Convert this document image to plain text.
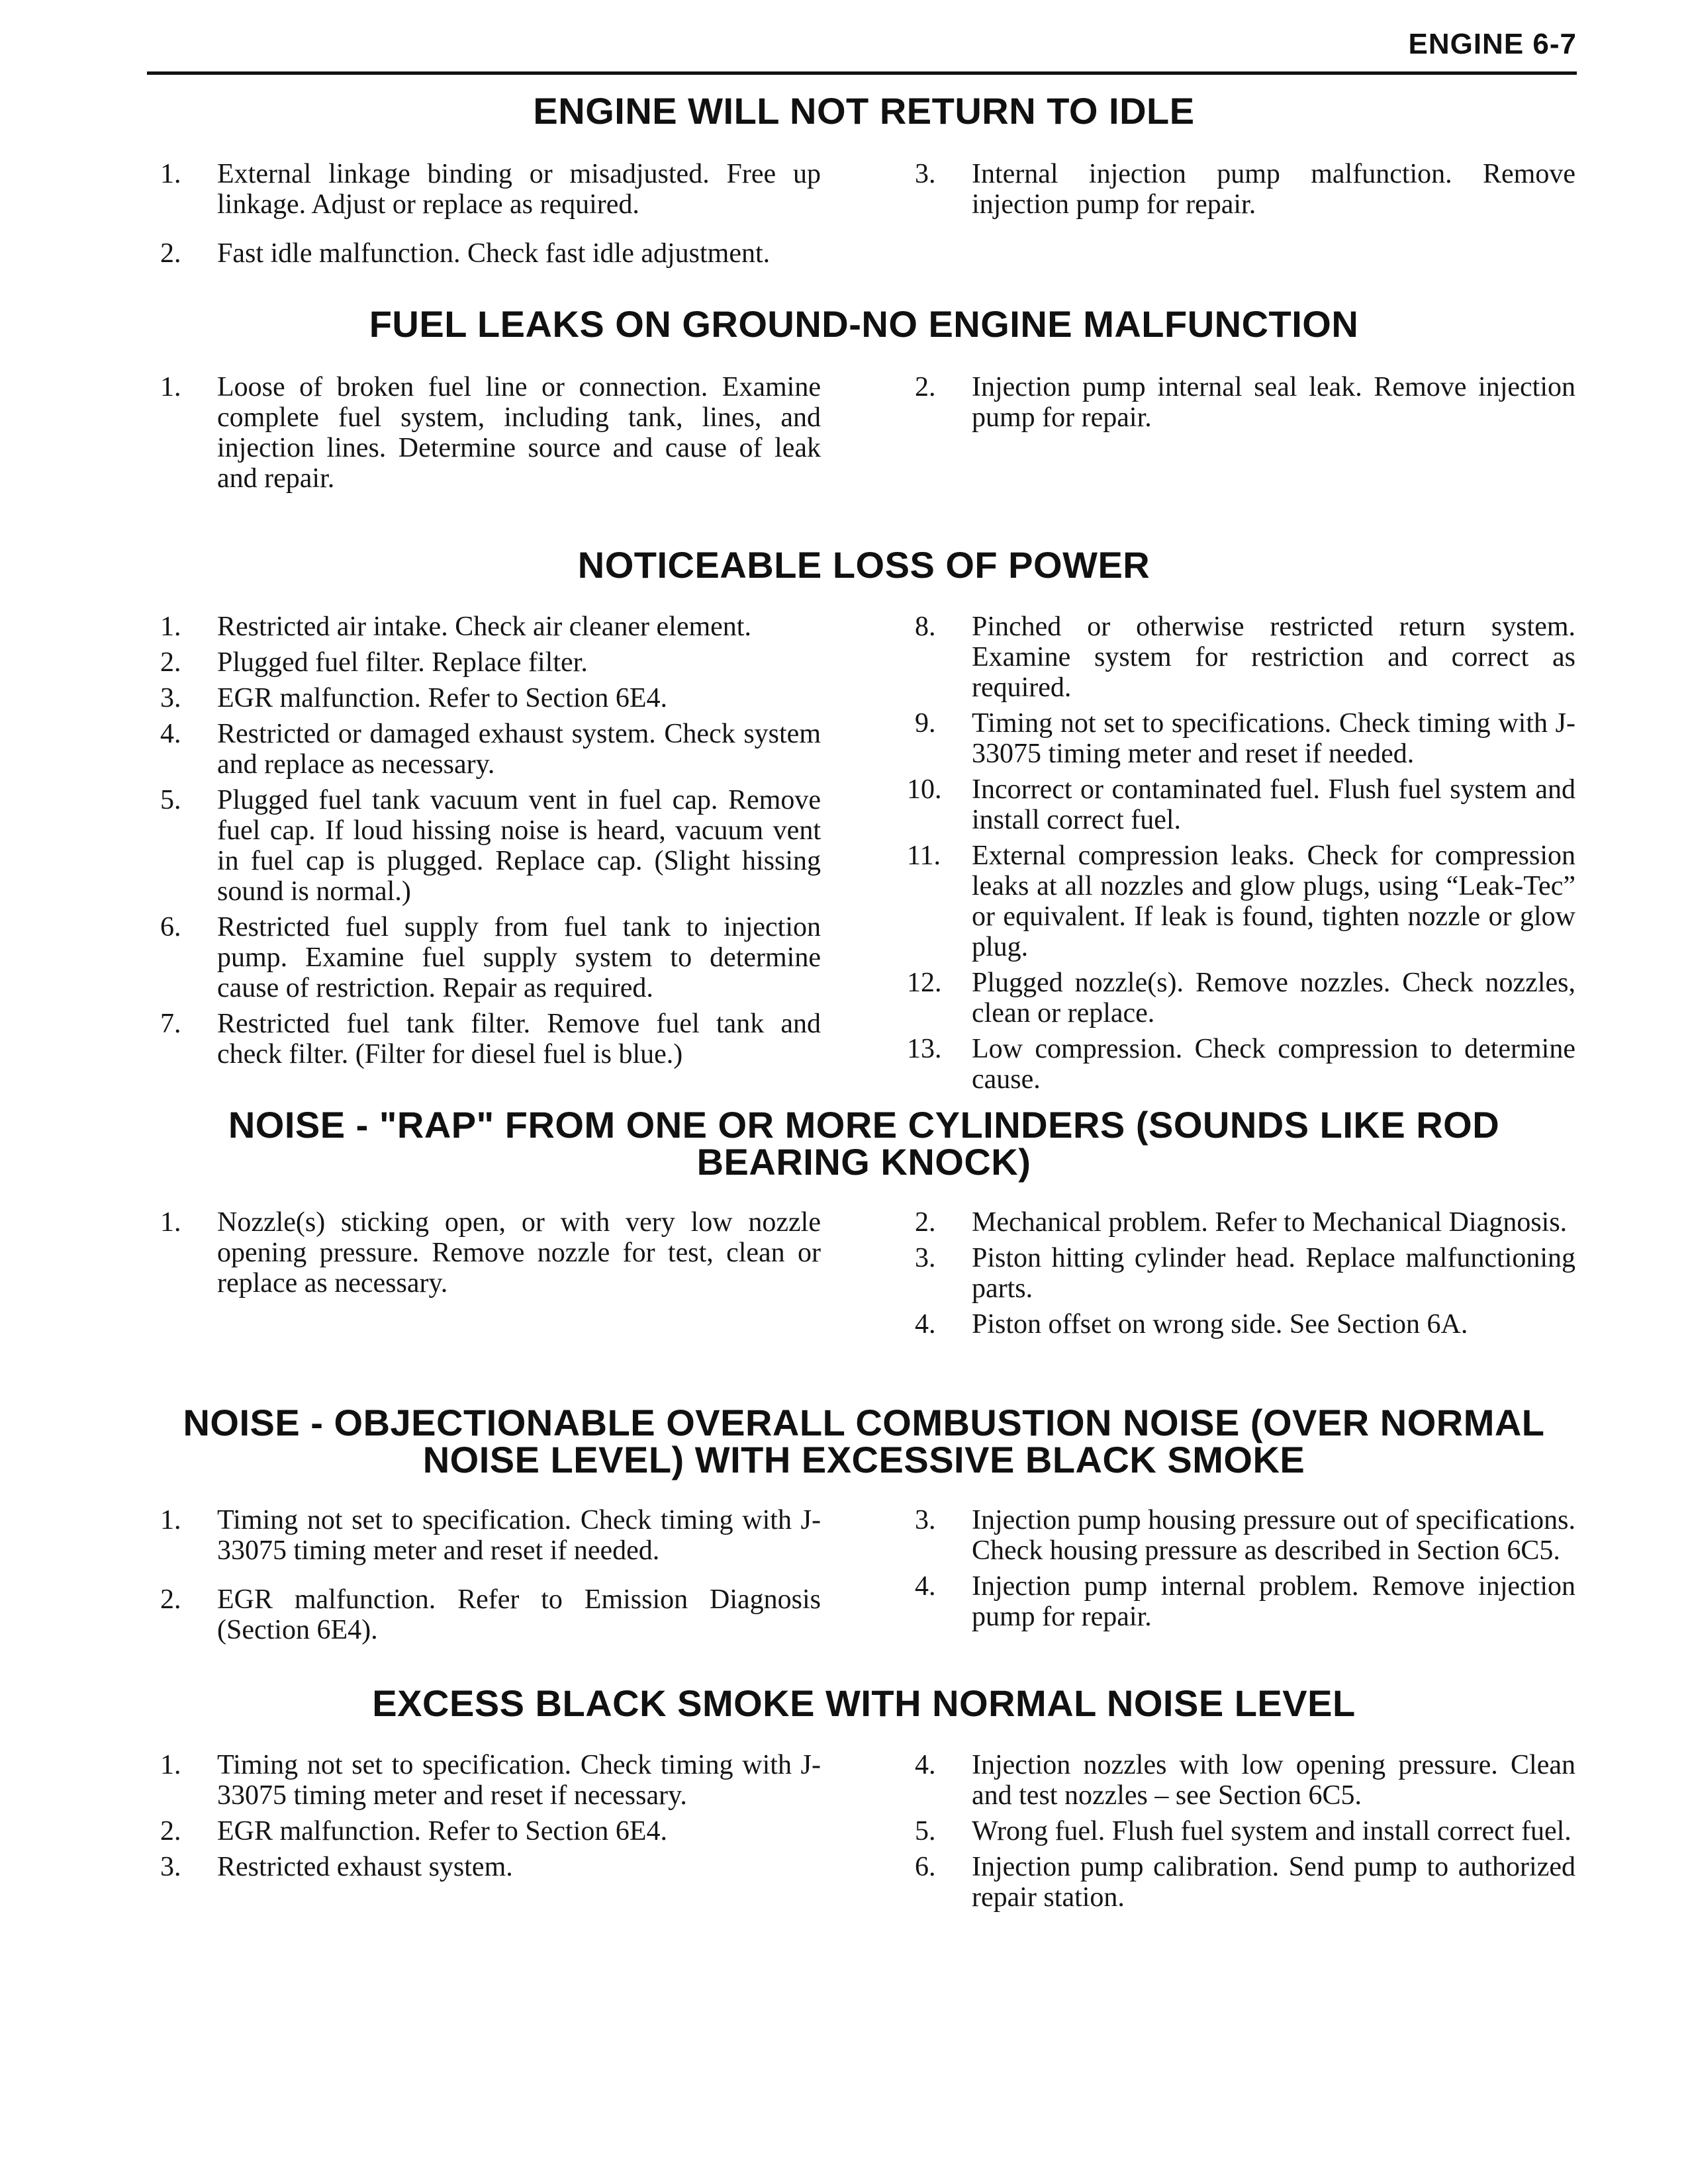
ENGINE 6-7
ENGINE WILL NOT RETURN TO IDLE
1. External linkage binding or misadjusted. Free up linkage. Adjust or replace as required.
2. Fast idle malfunction. Check fast idle adjustment.
3. Internal injection pump malfunction. Remove injection pump for repair.
FUEL LEAKS ON GROUND-NO ENGINE MALFUNCTION
1. Loose of broken fuel line or connection. Examine complete fuel system, including tank, lines, and injection lines. Determine source and cause of leak and repair.
2. Injection pump internal seal leak. Remove injection pump for repair.
NOTICEABLE LOSS OF POWER
1. Restricted air intake. Check air cleaner element.
2. Plugged fuel filter. Replace filter.
3. EGR malfunction. Refer to Section 6E4.
4. Restricted or damaged exhaust system. Check system and replace as necessary.
5. Plugged fuel tank vacuum vent in fuel cap. Remove fuel cap. If loud hissing noise is heard, vacuum vent in fuel cap is plugged. Replace cap. (Slight hissing sound is normal.)
6. Restricted fuel supply from fuel tank to injection pump. Examine fuel supply system to determine cause of restriction. Repair as required.
7. Restricted fuel tank filter. Remove fuel tank and check filter. (Filter for diesel fuel is blue.)
8. Pinched or otherwise restricted return system. Examine system for restriction and correct as required.
9. Timing not set to specifications. Check timing with J-33075 timing meter and reset if needed.
10. Incorrect or contaminated fuel. Flush fuel system and install correct fuel.
11. External compression leaks. Check for compression leaks at all nozzles and glow plugs, using “Leak-Tec” or equivalent. If leak is found, tighten nozzle or glow plug.
12. Plugged nozzle(s). Remove nozzles. Check nozzles, clean or replace.
13. Low compression. Check compression to determine cause.
NOISE - "RAP" FROM ONE OR MORE CYLINDERS (SOUNDS LIKE ROD BEARING KNOCK)
1. Nozzle(s) sticking open, or with very low nozzle opening pressure. Remove nozzle for test, clean or replace as necessary.
2. Mechanical problem. Refer to Mechanical Diagnosis.
3. Piston hitting cylinder head. Replace malfunctioning parts.
4. Piston offset on wrong side. See Section 6A.
NOISE - OBJECTIONABLE OVERALL COMBUSTION NOISE (OVER NORMAL NOISE LEVEL) WITH EXCESSIVE BLACK SMOKE
1. Timing not set to specification. Check timing with J-33075 timing meter and reset if needed.
2. EGR malfunction. Refer to Emission Diagnosis (Section 6E4).
3. Injection pump housing pressure out of specifications. Check housing pressure as described in Section 6C5.
4. Injection pump internal problem. Remove injection pump for repair.
EXCESS BLACK SMOKE WITH NORMAL NOISE LEVEL
1. Timing not set to specification. Check timing with J-33075 timing meter and reset if necessary.
2. EGR malfunction. Refer to Section 6E4.
3. Restricted exhaust system.
4. Injection nozzles with low opening pressure. Clean and test nozzles – see Section 6C5.
5. Wrong fuel. Flush fuel system and install correct fuel.
6. Injection pump calibration. Send pump to authorized repair station.
